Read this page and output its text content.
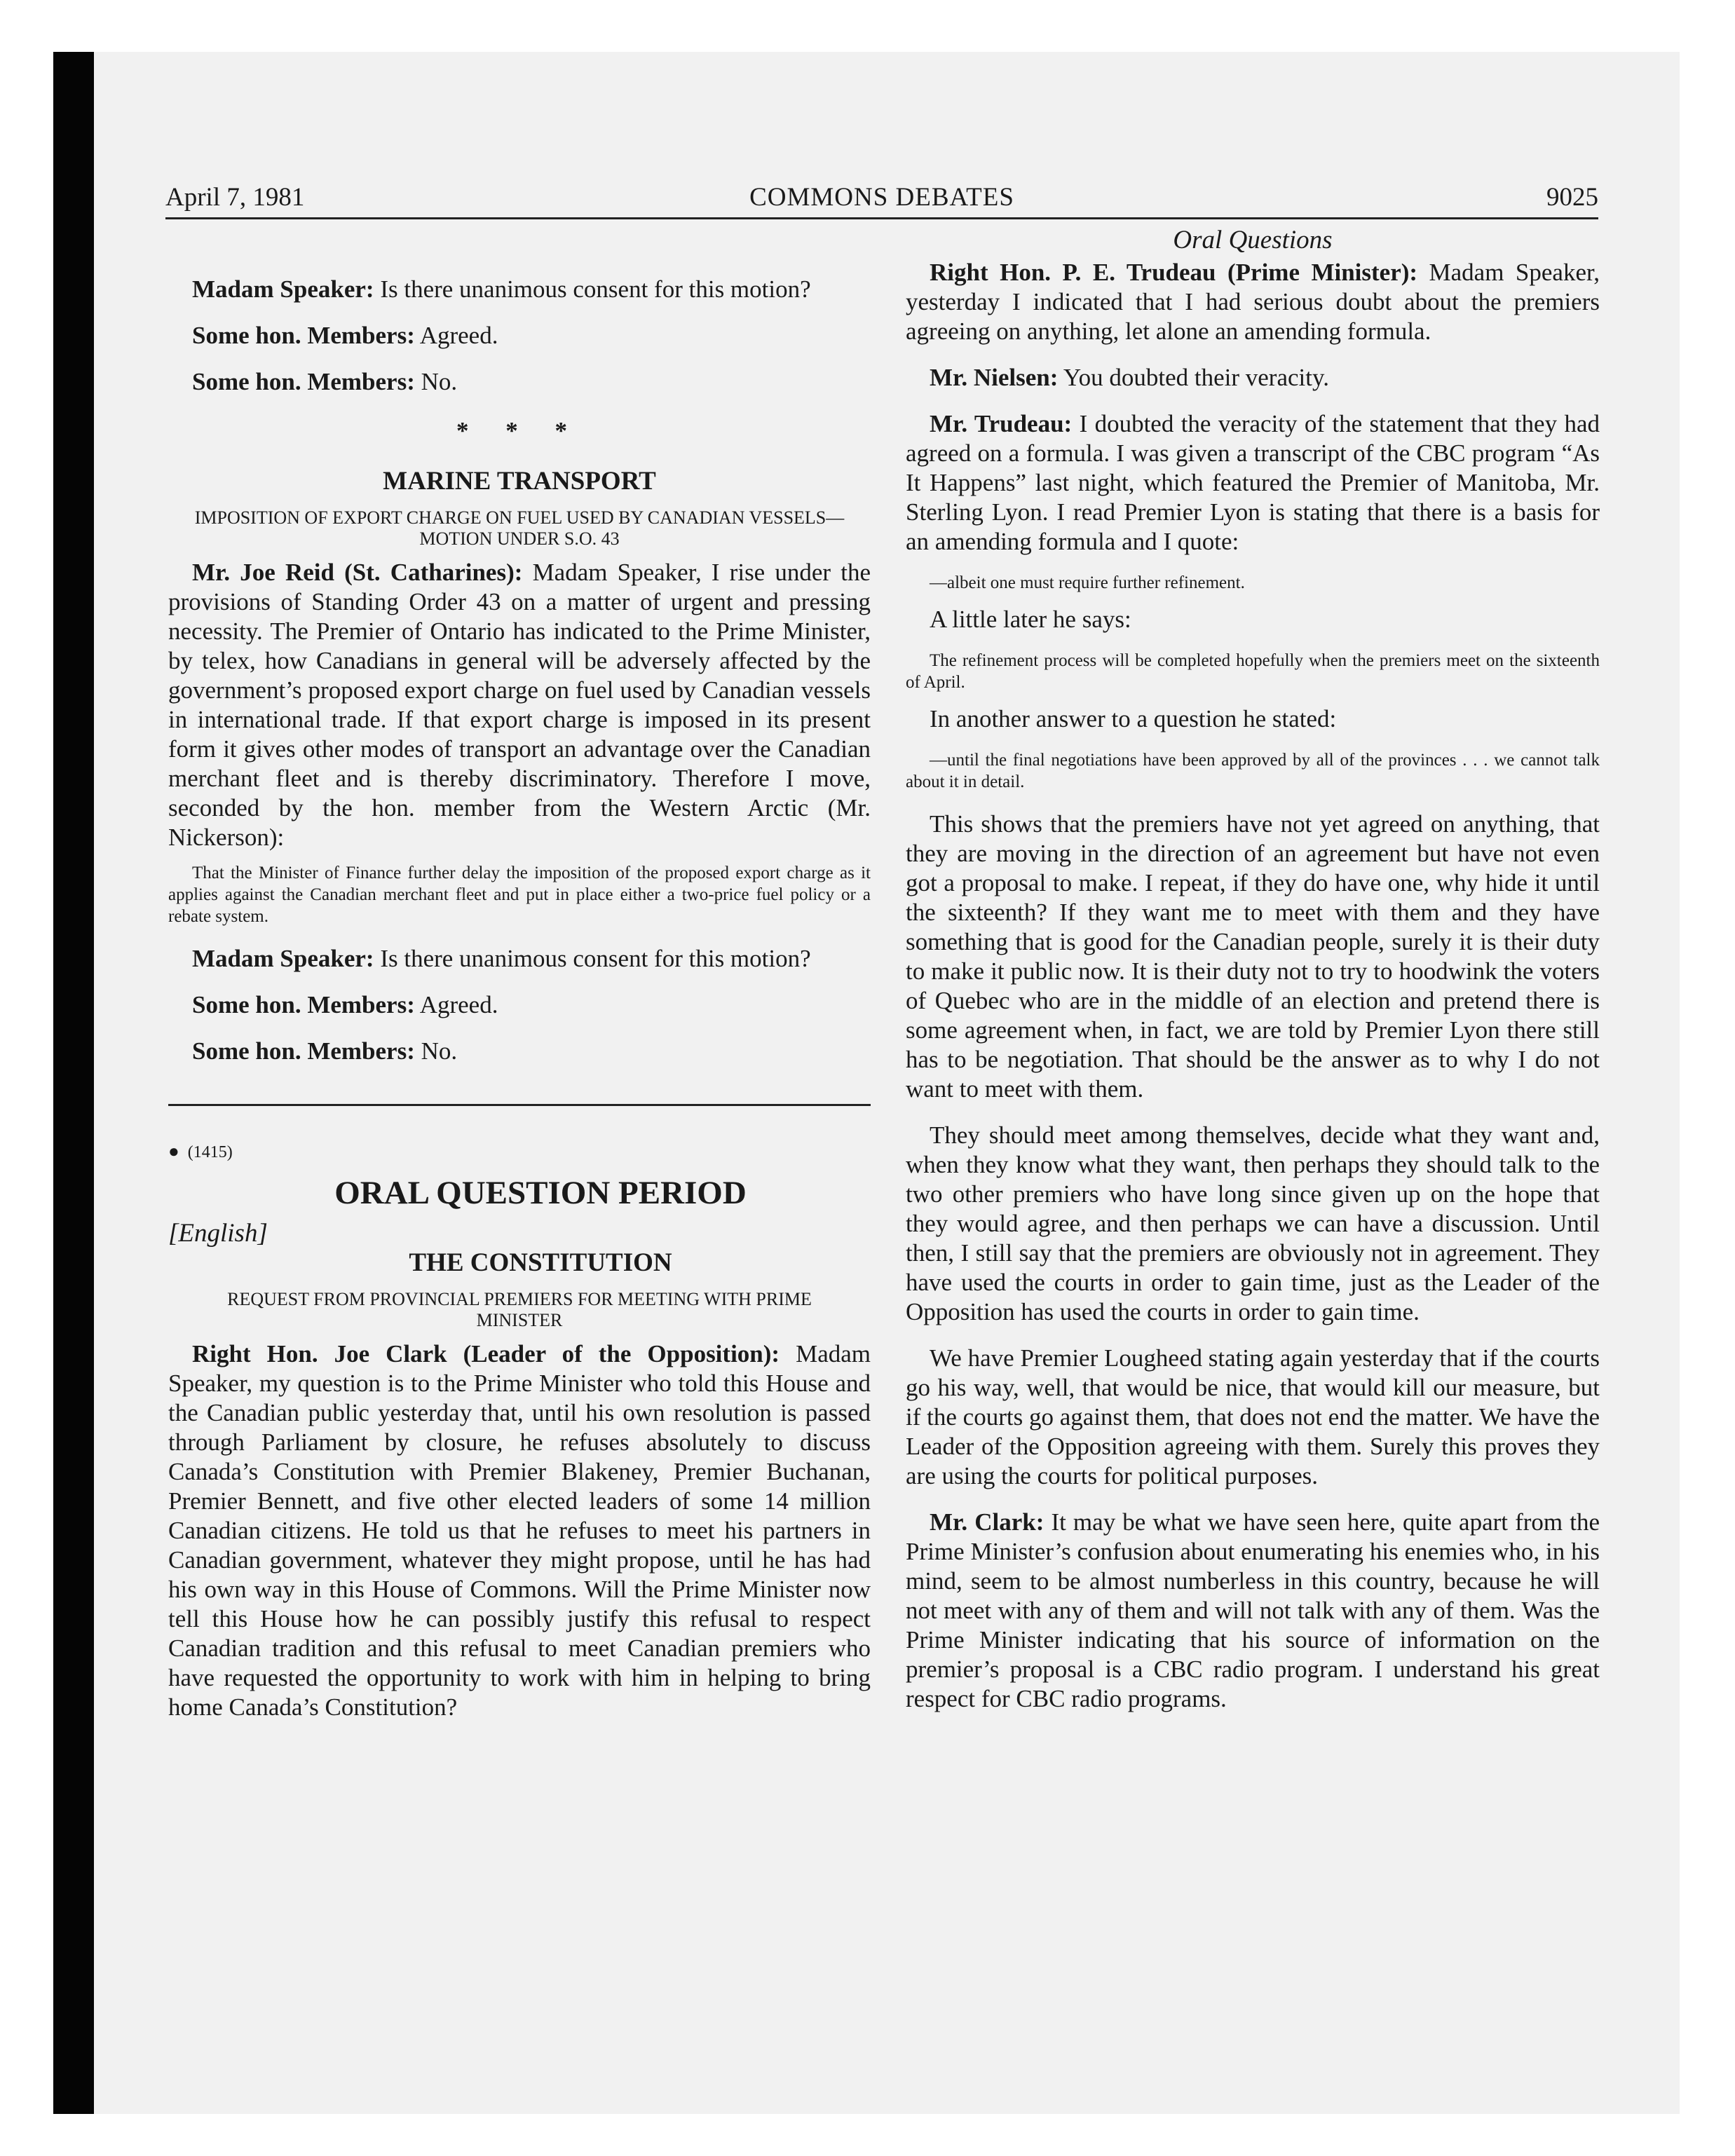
April 7, 1981	COMMONS DEBATES	9025

Madam Speaker: Is there unanimous consent for this motion?

Some hon. Members: Agreed.

Some hon. Members: No.

* * *
MARINE TRANSPORT
IMPOSITION OF EXPORT CHARGE ON FUEL USED BY CANADIAN VESSELS—MOTION UNDER S.O. 43

Mr. Joe Reid (St. Catharines): Madam Speaker, I rise under the provisions of Standing Order 43 on a matter of urgent and pressing necessity. The Premier of Ontario has indicated to the Prime Minister, by telex, how Canadians in general will be adversely affected by the government’s proposed export charge on fuel used by Canadian vessels in international trade. If that export charge is imposed in its present form it gives other modes of transport an advantage over the Canadian merchant fleet and is thereby discriminatory. Therefore I move, seconded by the hon. member from the Western Arctic (Mr. Nickerson):

That the Minister of Finance further delay the imposition of the proposed export charge as it applies against the Canadian merchant fleet and put in place either a two-price fuel policy or a rebate system.

Madam Speaker: Is there unanimous consent for this motion?

Some hon. Members: Agreed.

Some hon. Members: No.

● (1415)
ORAL QUESTION PERIOD
[English]
THE CONSTITUTION
REQUEST FROM PROVINCIAL PREMIERS FOR MEETING WITH PRIME MINISTER

Right Hon. Joe Clark (Leader of the Opposition): Madam Speaker, my question is to the Prime Minister who told this House and the Canadian public yesterday that, until his own resolution is passed through Parliament by closure, he refuses absolutely to discuss Canada’s Constitution with Premier Blakeney, Premier Buchanan, Premier Bennett, and five other elected leaders of some 14 million Canadian citizens. He told us that he refuses to meet his partners in Canadian government, whatever they might propose, until he has had his own way in this House of Commons. Will the Prime Minister now tell this House how he can possibly justify this refusal to respect Canadian tradition and this refusal to meet Canadian premiers who have requested the opportunity to work with him in helping to bring home Canada’s Constitution?

Oral Questions

Right Hon. P. E. Trudeau (Prime Minister): Madam Speaker, yesterday I indicated that I had serious doubt about the premiers agreeing on anything, let alone an amending formula.

Mr. Nielsen: You doubted their veracity.

Mr. Trudeau: I doubted the veracity of the statement that they had agreed on a formula. I was given a transcript of the CBC program “As It Happens” last night, which featured the Premier of Manitoba, Mr. Sterling Lyon. I read Premier Lyon is stating that there is a basis for an amending formula and I quote:

—albeit one must require further refinement.

A little later he says:

The refinement process will be completed hopefully when the premiers meet on the sixteenth of April.

In another answer to a question he stated:

—until the final negotiations have been approved by all of the provinces . . . we cannot talk about it in detail.

This shows that the premiers have not yet agreed on anything, that they are moving in the direction of an agreement but have not even got a proposal to make. I repeat, if they do have one, why hide it until the sixteenth? If they want me to meet with them and they have something that is good for the Canadian people, surely it is their duty to make it public now. It is their duty not to try to hoodwink the voters of Quebec who are in the middle of an election and pretend there is some agreement when, in fact, we are told by Premier Lyon there still has to be negotiation. That should be the answer as to why I do not want to meet with them.

They should meet among themselves, decide what they want and, when they know what they want, then perhaps they should talk to the two other premiers who have long since given up on the hope that they would agree, and then perhaps we can have a discussion. Until then, I still say that the premiers are obviously not in agreement. They have used the courts in order to gain time, just as the Leader of the Opposition has used the courts in order to gain time.

We have Premier Lougheed stating again yesterday that if the courts go his way, well, that would be nice, that would kill our measure, but if the courts go against them, that does not end the matter. We have the Leader of the Opposition agreeing with them. Surely this proves they are using the courts for political purposes.

Mr. Clark: It may be what we have seen here, quite apart from the Prime Minister’s confusion about enumerating his enemies who, in his mind, seem to be almost numberless in this country, because he will not meet with any of them and will not talk with any of them. Was the Prime Minister indicating that his source of information on the premier’s proposal is a CBC radio program. I understand his great respect for CBC radio programs.
